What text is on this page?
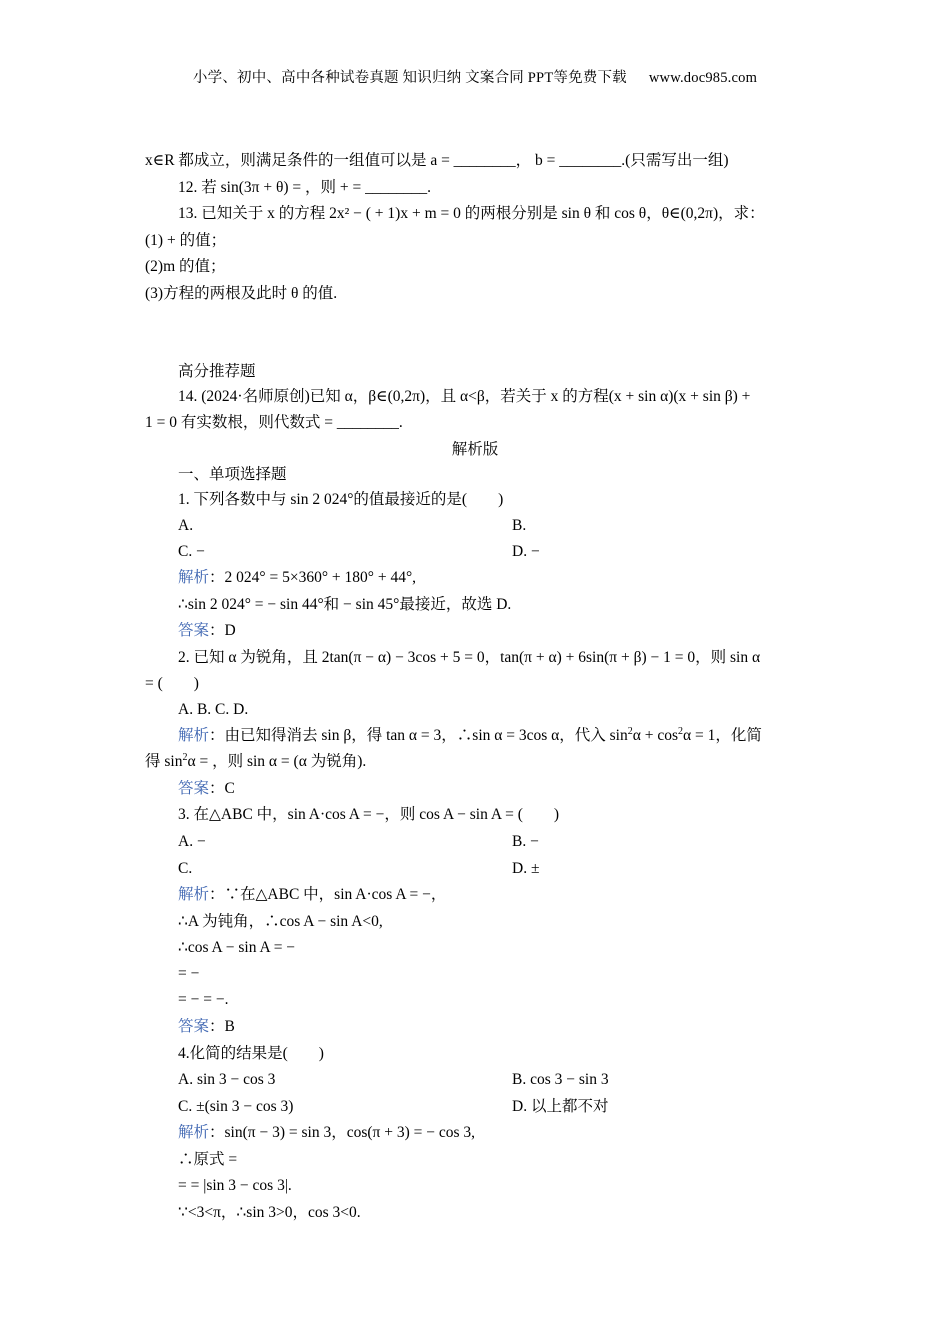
小学、初中、高中各种试卷真题 知识归纳 文案合同 PPT等免费下载 www.doc985.com
x∈R 都成立，则满足条件的一组值可以是 a = ________， b = ________.(只需写出一组)
12. 若 sin(3π + θ) = ，则 + = ________.
13. 已知关于 x 的方程 2x² − ( + 1)x + m = 0 的两根分别是 sin θ 和 cos θ，θ∈(0,2π)，求：
(1) + 的值；
(2)m 的值；
(3)方程的两根及此时 θ 的值.
高分推荐题
14. (2024·名师原创)已知 α，β∈(0,2π)，且 α<β，若关于 x 的方程(x + sin α)(x + sin β) +
1 = 0 有实数根，则代数式 = ________.
解析版
一、单项选择题
1. 下列各数中与 sin 2 024°的值最接近的是(　　)
A.	B.
C. −	D. −
解析：2 024° = 5×360° + 180° + 44°,
∴sin 2 024° = − sin 44°和 − sin 45°最接近，故选 D.
答案：D
2. 已知 α 为锐角，且 2tan(π − α) − 3cos + 5 = 0，tan(π + α) + 6sin(π + β) − 1 = 0，则 sin α
= (　　)
A. B. C. D.
解析：由已知得消去 sin β，得 tan α = 3，∴sin α = 3cos α，代入 $\sin^2\alpha + \cos^2\alpha = 1$，化简
得 $\sin^2\alpha$ = ，则 sin α = (α 为锐角).
答案：C
3. 在△ABC 中，sin A·cos A = −，则 cos A − sin A = (　　)
A. −	B. −
C.	D. ±
解析：∵在△ABC 中，sin A·cos A = −，
∴A 为钝角，∴cos A − sin A<0,
∴cos A − sin A = −
= −
= − = −.
答案：B
4.化简的结果是(　　)
A. sin 3 − cos 3	B. cos 3 − sin 3
C. ±(sin 3 − cos 3)	D. 以上都不对
解析：sin(π − 3) = sin 3，cos(π + 3) = − cos 3,
∴原式 =
= = |sin 3 − cos 3|.
∵<3<π，∴sin 3>0，cos 3<0.
